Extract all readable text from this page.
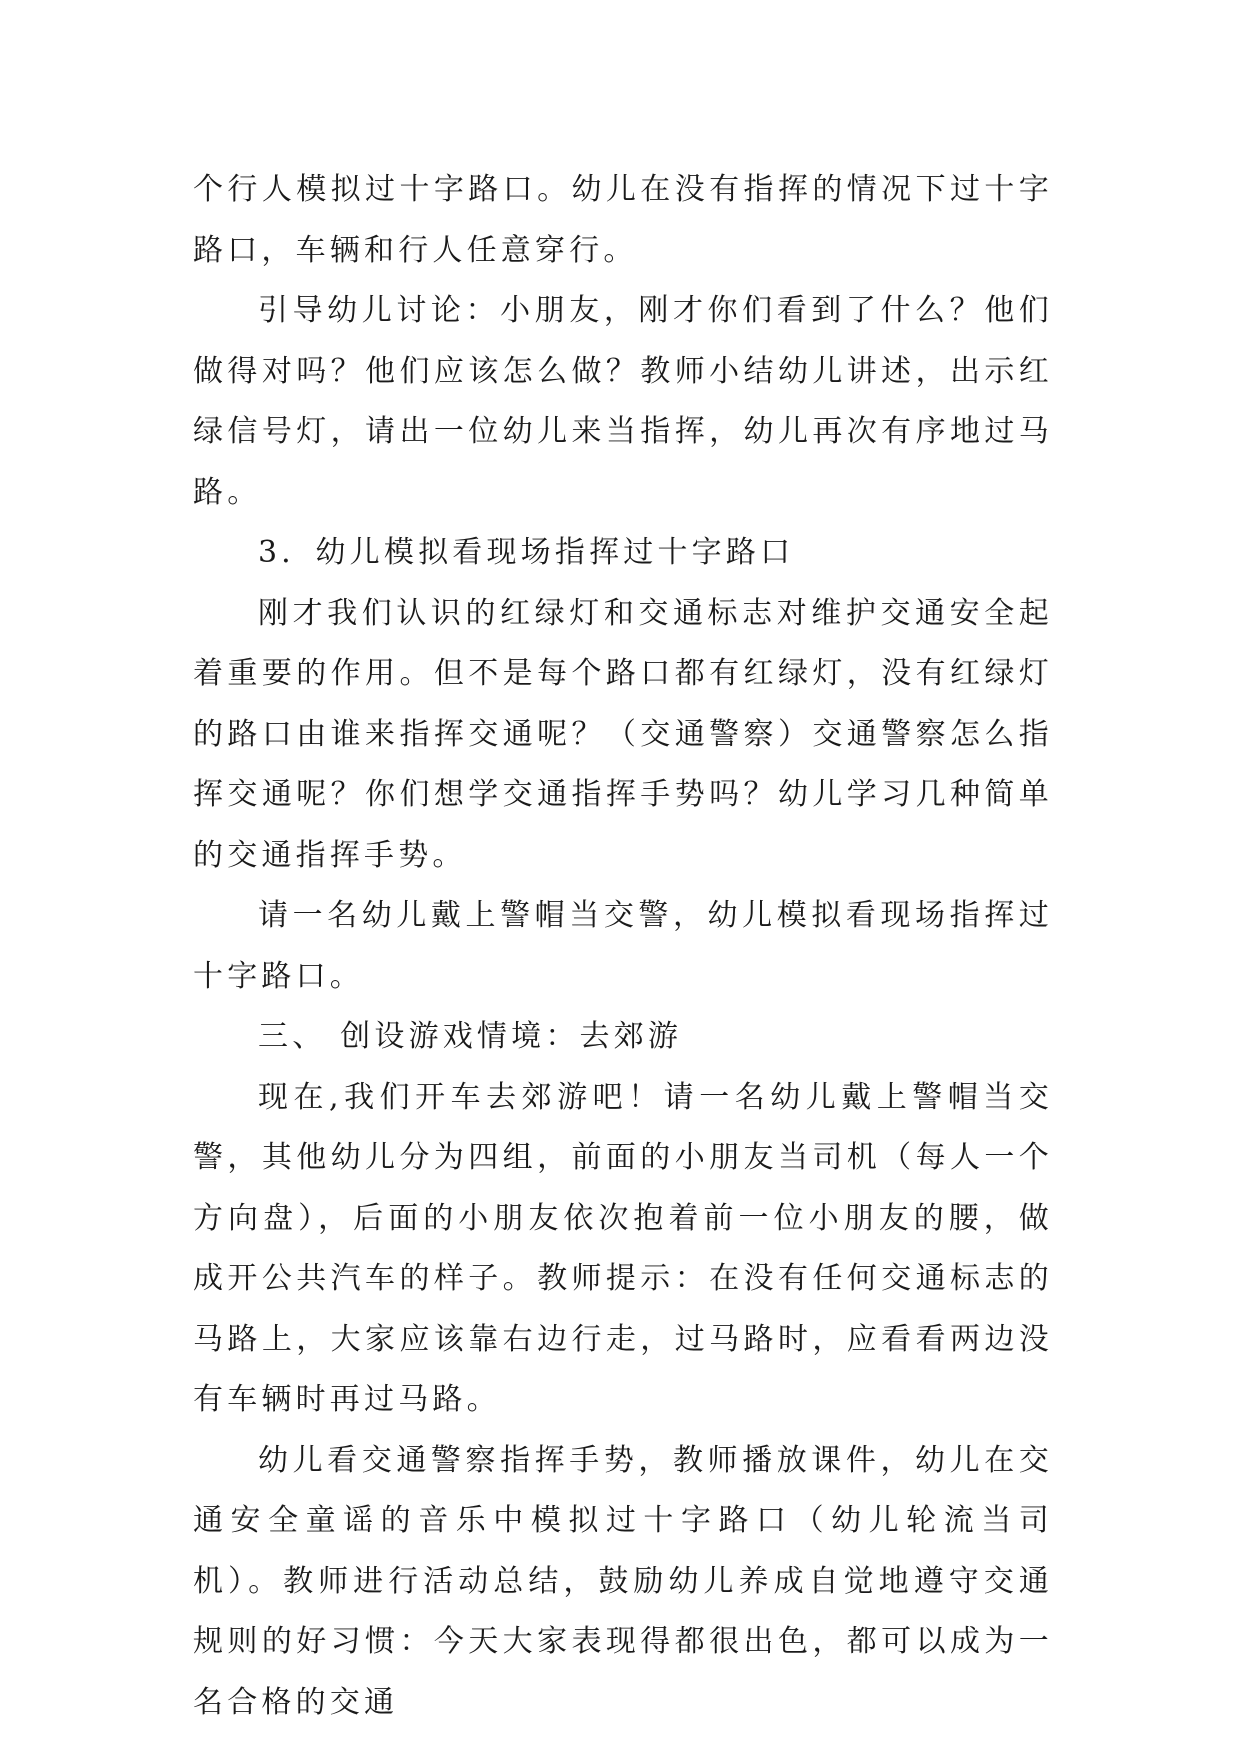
个行人模拟过十字路口。幼儿在没有指挥的情况下过十字路口，车辆和行人任意穿行。

引导幼儿讨论：小朋友，刚才你们看到了什么？他们做得对吗？他们应该怎么做？教师小结幼儿讲述，出示红绿信号灯，请出一位幼儿来当指挥，幼儿再次有序地过马路。

3．幼儿模拟看现场指挥过十字路口

刚才我们认识的红绿灯和交通标志对维护交通安全起着重要的作用。但不是每个路口都有红绿灯，没有红绿灯的路口由谁来指挥交通呢？（交通警察）交通警察怎么指挥交通呢？你们想学交通指挥手势吗？幼儿学习几种简单的交通指挥手势。

请一名幼儿戴上警帽当交警，幼儿模拟看现场指挥过十字路口。

三、 创设游戏情境：去郊游

现在,我们开车去郊游吧！请一名幼儿戴上警帽当交警，其他幼儿分为四组，前面的小朋友当司机（每人一个方向盘），后面的小朋友依次抱着前一位小朋友的腰，做成开公共汽车的样子。教师提示：在没有任何交通标志的马路上，大家应该靠右边行走，过马路时，应看看两边没有车辆时再过马路。

幼儿看交通警察指挥手势，教师播放课件，幼儿在交通安全童谣的音乐中模拟过十字路口（幼儿轮流当司机）。教师进行活动总结，鼓励幼儿养成自觉地遵守交通规则的好习惯：今天大家表现得都很出色，都可以成为一名合格的交通
